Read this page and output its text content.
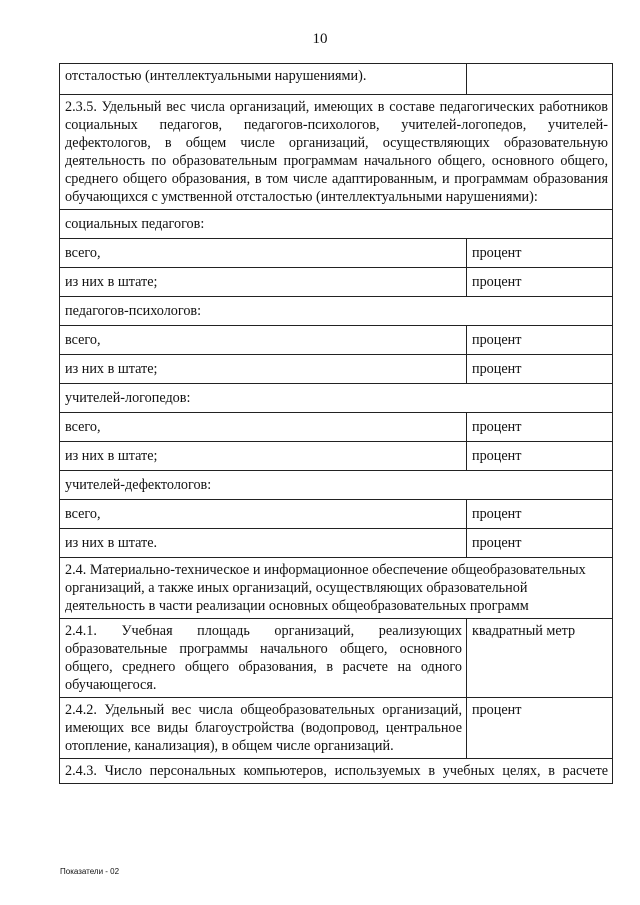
10
отсталостью (интеллектуальными нарушениями).	
2.3.5. Удельный вес числа организаций, имеющих в составе педагогических работников социальных педагогов, педагогов-психологов, учителей-логопедов, учителей-дефектологов, в общем числе организаций, осуществляющих образовательную деятельность по образовательным программам начального общего, основного общего, среднего общего образования, в том числе адаптированным, и программам образования обучающихся с умственной отсталостью (интеллектуальными нарушениями):	
социальных педагогов:	
всего,	процент
из них в штате;	процент
педагогов-психологов:	
всего,	процент
из них в штате;	процент
учителей-логопедов:	
всего,	процент
из них в штате;	процент
учителей-дефектологов:	
всего,	процент
из них в штате.	процент
2.4. Материально-техническое и информационное обеспечение общеобразовательных организаций, а также иных организаций, осуществляющих образовательной деятельность в части реализации основных общеобразовательных программ	
2.4.1. Учебная площадь организаций, реализующих образовательные программы начального общего, основного общего, среднего общего образования, в расчете на одного обучающегося.	квадратный метр
2.4.2. Удельный вес числа общеобразовательных организаций, имеющих все виды благоустройства (водопровод, центральное отопление, канализация), в общем числе организаций.	процент
2.4.3. Число персональных компьютеров, используемых в учебных целях, в расчете	
Показатели - 02
